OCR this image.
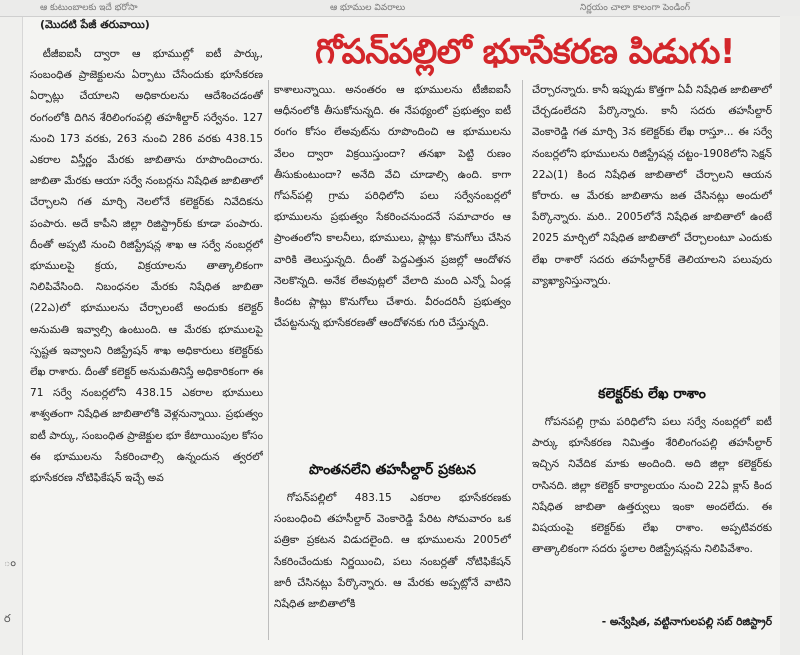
ం
ర
ఆ కుటుంబాలకు ఇదే భరోసా	ఆ భూముల వివరాలు	నిర్ణయం చాలా కాలంగా పెండింగ్
(మొదటి పేజీ తరువాయి)
గోపన్‌పల్లిలో భూసేకరణ పిడుగు!

టీజీఐఐసీ ద్వారా ఆ భూముల్లో ఐటీ పార్కు, సంబంధిత ప్రాజెక్టులను ఏర్పాటు చేసేందుకు భూసేకరణ ఏర్పాట్లు చేయాలని అధికారులను ఆదేశించడంతో రంగంలోకి దిగిన శేరిలింగంపల్లి తహశీల్దార్ సర్వేనం. 127 నుంచి 173 వరకు, 263 నుంచి 286 వరకు 438.15 ఎకరాల విస్తీర్ణం మేరకు జాబితాను రూపొందించారు. జాబితా మేరకు ఆయా సర్వే నంబర్లను నిషేధిత జాబితాలో చేర్చాలని గత మార్చి నెలలోనే కలెక్టర్‌కు నివేదికను పంపారు. అదే కాపీని జిల్లా రిజిస్ట్రార్‌కు కూడా పంపారు. దీంతో అప్పటి నుంచి రిజిస్ట్రేషన్ల శాఖ ఆ సర్వే నంబర్లలో భూములపై క్రయ, విక్రయాలను తాత్కాలికంగా నిలిపివేసింది. నిబంధనల మేరకు నిషేధిత జాబితా (22ఎ)లో భూములను చేర్చాలంటే అందుకు కలెక్టర్ అనుమతి ఇవ్వాల్సి ఉంటుంది. ఆ మేరకు భూములపై స్పష్టత ఇవ్వాలని రిజిస్ట్రేషన్ శాఖ అధికారులు కలెక్టర్‌కు లేఖ రాశారు. దీంతో కలెక్టర్ అనుమతినిస్తే అధికారికంగా ఈ 71 సర్వే నంబర్లలోని 438.15 ఎకరాల భూములు శాశ్వతంగా నిషేధిత జాబితాలోకి వెళ్లనున్నాయి. ప్రభుత్వం ఐటీ పార్కు, సంబంధిత ప్రాజెక్టుల భూ కేటాయింపుల కోసం ఈ భూములను సేకరించాల్సి ఉన్నందున త్వరలో భూసేకరణ నోటిఫికేషన్ ఇచ్చే అవ

కాశాలున్నాయి. అనంతరం ఆ భూములను టీజీఐఐసీ ఆధీనంలోకి తీసుకోనున్నది. ఈ నేపథ్యంలో ప్రభుత్వం ఐటీ రంగం కోసం లేఅవుట్‌ను రూపొందించి ఆ భూములను వేలం ద్వారా విక్రయిస్తుందా? తనఖా పెట్టి రుణం తీసుకుంటుందా? అనేది వేచి చూడాల్సి ఉంది. కాగా గోపన్‌పల్లి గ్రామ పరిధిలోని పలు సర్వేనంబర్లలో భూములను ప్రభుత్వం సేకరించనుందనే సమాచారం ఆ ప్రాంతంలోని కాలనీలు, భూములు, ప్లాట్లు కొనుగోలు చేసిన వారికి తెలుస్తున్నది. దీంతో పెద్దఎత్తున ప్రజల్లో ఆందోళన నెలకొన్నది. అనేక లేఅవుట్లలో వేలాది మంది ఎన్నో ఏండ్ల కిందట ప్లాట్లు కొనుగోలు చేశారు. వీరందరినీ ప్రభుత్వం చేపట్టనున్న భూసేకరణతో ఆందోళనకు గురి చేస్తున్నది.

పొంతనలేని తహసీల్దార్ ప్రకటన

గోపన్‌పల్లిలో 483.15 ఎకరాల భూసేకరణకు సంబంధించి తహసీల్దార్ వెంకారెడ్డి పేరిట సోమవారం ఒక పత్రికా ప్రకటన విడుదలైంది. ఆ భూములను 2005లో సేకరించేందుకు నిర్ణయించి, పలు నంబర్లతో నోటిఫికేషన్ జారీ చేసినట్లు పేర్కొన్నారు. ఆ మేరకు అప్పట్లోనే వాటిని నిషేధిత జాబితాలోకి

చేర్చారన్నారు. కానీ ఇప్పుడు కొత్తగా ఏవీ నిషేధిత జాబితాలో చేర్చడంలేదని పేర్కొన్నారు. కానీ సదరు తహసీల్దార్ వెంకారెడ్డి గత మార్చి 3న కలెక్టర్‌కు లేఖ రాస్తూ... ఈ సర్వే నంబర్లలోని భూములను రిజిస్ట్రేషన్ల చట్టం-1908లోని సెక్షన్ 22ఎ(1) కింద నిషేధిత జాబితాలో చేర్చాలని ఆయన కోరారు. ఆ మేరకు జాబితాను జత చేసినట్లు అందులో పేర్కొన్నారు. మరి.. 2005లోనే నిషేధిత జాబితాలో ఉంటే 2025 మార్చిలో నిషేధిత జాబితాలో చేర్చాలంటూ ఎందుకు లేఖ రాశారో సదరు తహసీల్దార్‌కే తెలియాలని పలువురు వ్యాఖ్యానిస్తున్నారు.

కలెక్టర్‌కు లేఖ రాశాం

గోపనపల్లి గ్రామ పరిధిలోని పలు సర్వే నంబర్లలో ఐటీ పార్కు భూసేకరణ నిమిత్తం శేరిలింగంపల్లి తహసీల్దార్ ఇచ్చిన నివేదిక మాకు అందింది. అది జిల్లా కలెక్టర్‌కు రాసినది. జిల్లా కలెక్టర్ కార్యాలయం నుంచి 22ఏ క్లాస్ కింద నిషేధిత జాబితా ఉత్తర్వులు ఇంకా అందలేదు. ఈ విషయంపై కలెక్టర్‌కు లేఖ రాశాం. అప్పటివరకు తాత్కాలికంగా సదరు స్థలాల రిజిస్ట్రేషన్లను నిలిపివేశాం.

- అన్వేషిత, వట్టినాగులపల్లి సబ్ రిజిస్ట్రార్
